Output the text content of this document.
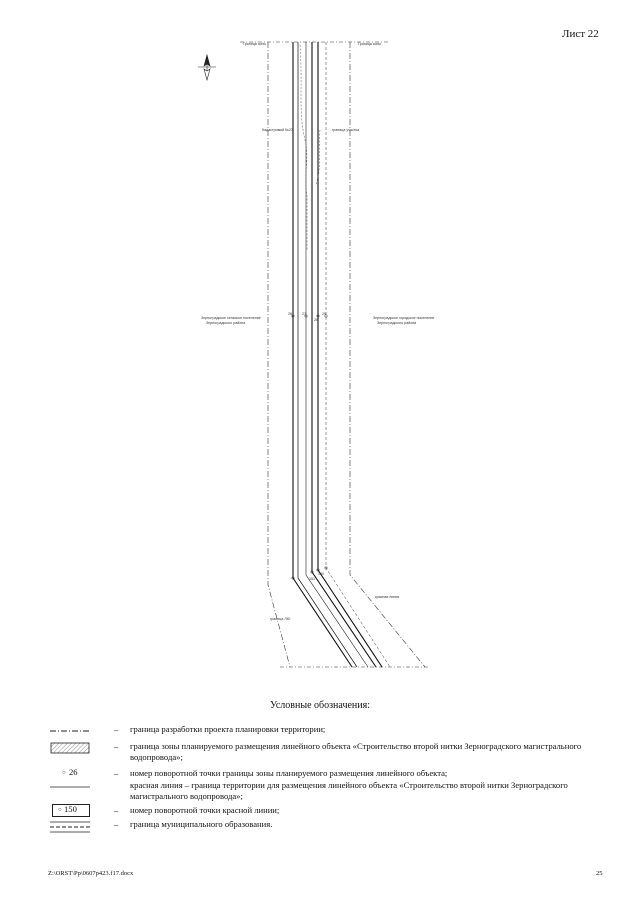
Лист 22
Граница зоны	Граница зоны
Кадастровый №23	граница участка
Зерноградское сельское поселение
Зерноградского района
Зерноградское городское поселение
Зерноградского района
26	27
28
29
150
151
красная линия
граница ЛЮ
Условные обозначения:
– граница разработки проекта планировки территории;
– граница зоны планируемого размещения линейного объекта «Строительство второй нитки Зерноградского магистрального водопровода»;
○ 26	– номер поворотной точки границы зоны планируемого размещения линейного объекта;
красная линия – граница территории для размещения линейного объекта «Строительство второй нитки Зерноградского магистрального водопровода»;
○ 150	– номер поворотной точки красной линии;
– граница муниципального образования.
Z:\ORST\Pp\0607p423.f17.docx	25
